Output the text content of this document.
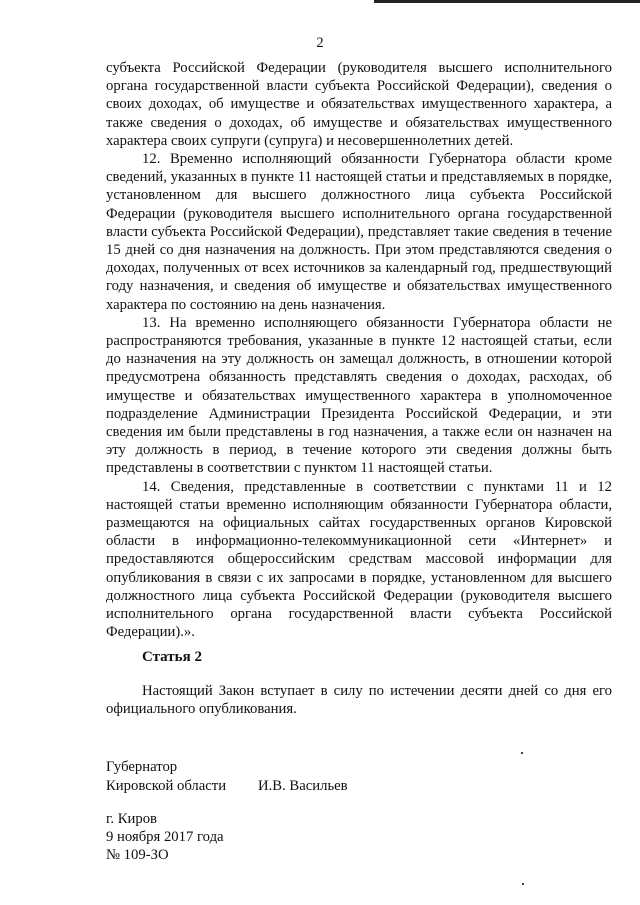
2

субъекта Российской Федерации (руководителя высшего исполнительного органа государственной власти субъекта Российской Федерации), сведения о своих доходах, об имуществе и обязательствах имущественного характера, а также сведения о доходах, об имуществе и обязательствах имущественного характера своих супруги (супруга) и несовершеннолетних детей.

12. Временно исполняющий обязанности Губернатора области кроме сведений, указанных в пункте 11 настоящей статьи и представляемых в порядке, установленном для высшего должностного лица субъекта Российской Федерации (руководителя высшего исполнительного органа государственной власти субъекта Российской Федерации), представляет такие сведения в течение 15 дней со дня назначения на должность. При этом представляются сведения о доходах, полученных от всех источников за календарный год, предшествующий году назначения, и сведения об имуществе и обязательствах имущественного характера по состоянию на день назначения.

13. На временно исполняющего обязанности Губернатора области не распространяются требования, указанные в пункте 12 настоящей статьи, если до назначения на эту должность он замещал должность, в отношении которой предусмотрена обязанность представлять сведения о доходах, расходах, об имуществе и обязательствах имущественного характера в уполномоченное подразделение Администрации Президента Российской Федерации, и эти сведения им были представлены в год назначения, а также если он назначен на эту должность в период, в течение которого эти сведения должны быть представлены в соответствии с пунктом 11 настоящей статьи.

14. Сведения, представленные в соответствии с пунктами 11 и 12 настоящей статьи временно исполняющим обязанности Губернатора области, размещаются на официальных сайтах государственных органов Кировской области в информационно-телекоммуникационной сети «Интернет» и предоставляются общероссийским средствам массовой информации для опубликования в связи с их запросами в порядке, установленном для высшего должностного лица субъекта Российской Федерации (руководителя высшего исполнительного органа государственной власти субъекта Российской Федерации).».

Статья 2

Настоящий Закон вступает в силу по истечении десяти дней со дня его официального опубликования.

Губернатор
Кировской области	И.В. Васильев
г. Киров
9 ноября 2017 года
№ 109-ЗО
